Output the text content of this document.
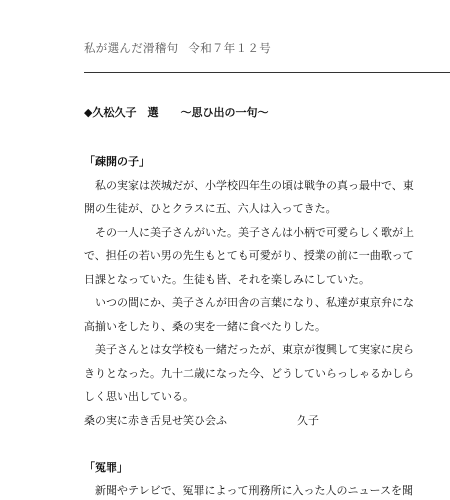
私が選んだ滑稽句 令和７年１２号
◆久松久子　選 ～思ひ出の一句～
「疎開の子」
　私の実家は茨城だが、小学校四年生の頃は戦争の真っ最中で、東
開の生徒が、ひとクラスに五、六人は入ってきた。
　その一人に美子さんがいた。美子さんは小柄で可愛らしく歌が上
で、担任の若い男の先生もとても可愛がり、授業の前に一曲歌って
日課となっていた。生徒も皆、それを楽しみにしていた。
　いつの間にか、美子さんが田舎の言葉になり、私達が東京弁にな
高揃いをしたり、桑の実を一緒に食べたりした。
　美子さんとは女学校も一緒だったが、東京が復興して実家に戻ら
きりとなった。九十二歳になった今、どうしていらっしゃるかしら
しく思い出している。
桑の実に赤き舌見せ笑ひ会ふ	久子
「冤罪」
　新聞やテレビで、冤罪によって刑務所に入った人のニュースを聞
